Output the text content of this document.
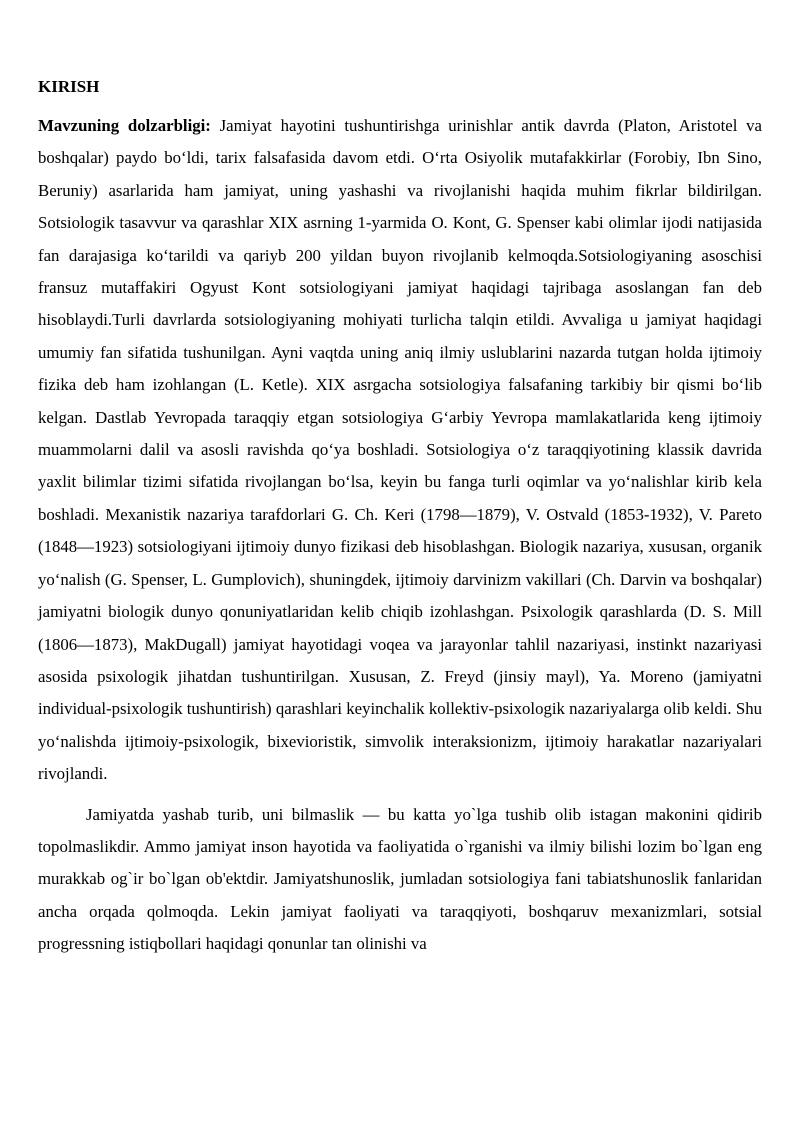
KIRISH

Mavzuning dolzarbligi: Jamiyat hayotini tushuntirishga urinishlar antik davrda (Platon, Aristotel va boshqalar) paydo bo‘ldi, tarix falsafasida davom etdi. O‘rta Osiyolik mutafakkirlar (Forobiy, Ibn Sino, Beruniy) asarlarida ham jamiyat, uning yashashi va rivojlanishi haqida muhim fikrlar bildirilgan. Sotsiologik tasavvur va qarashlar XIX asrning 1-yarmida O. Kont, G. Spenser kabi olimlar ijodi natijasida fan darajasiga ko‘tarildi va qariyb 200 yildan buyon rivojlanib kelmoqda.Sotsiologiyaning asoschisi fransuz mutaffakiri Ogyust Kont sotsiologiyani jamiyat haqidagi tajribaga asoslangan fan deb hisoblaydi.Turli davrlarda sotsiologiyaning mohiyati turlicha talqin etildi. Avvaliga u jamiyat haqidagi umumiy fan sifatida tushunilgan. Ayni vaqtda uning aniq ilmiy uslublarini nazarda tutgan holda ijtimoiy fizika deb ham izohlangan (L. Ketle). XIX asrgacha sotsiologiya falsafaning tarkibiy bir qismi bo‘lib kelgan. Dastlab Yevropada taraqqiy etgan sotsiologiya G‘arbiy Yevropa mamlakatlarida keng ijtimoiy muammolarni dalil va asosli ravishda qo‘ya boshladi. Sotsiologiya o‘z taraqqiyotining klassik davrida yaxlit bilimlar tizimi sifatida rivojlangan bo‘lsa, keyin bu fanga turli oqimlar va yo‘nalishlar kirib kela boshladi. Mexanistik nazariya tarafdorlari G. Ch. Keri (1798—1879), V. Ostvald (1853-1932), V. Pareto (1848—1923) sotsiologiyani ijtimoiy dunyo fizikasi deb hisoblashgan. Biologik nazariya, xususan, organik yo‘nalish (G. Spenser, L. Gumplovich), shuningdek, ijtimoiy darvinizm vakillari (Ch. Darvin va boshqalar) jamiyatni biologik dunyo qonuniyatlaridan kelib chiqib izohlashgan. Psixologik qarashlarda (D. S. Mill (1806—1873), MakDugall) jamiyat hayotidagi voqea va jarayonlar tahlil nazariyasi, instinkt nazariyasi asosida psixologik jihatdan tushuntirilgan. Xususan, Z. Freyd (jinsiy mayl), Ya. Moreno (jamiyatni individual-psixologik tushuntirish) qarashlari keyinchalik kollektiv-psixologik nazariyalarga olib keldi. Shu yo‘nalishda ijtimoiy-psixologik, bixevioristik, simvolik interaksionizm, ijtimoiy harakatlar nazariyalari rivojlandi.

Jamiyatda yashab turib, uni bilmaslik — bu katta yo`lga tushib olib istagan makonini qidirib topolmaslikdir. Ammo jamiyat inson hayotida va faoliyatida o`rganishi va ilmiy bilishi lozim bo`lgan eng murakkab og`ir bo`lgan ob'ektdir. Jamiyatshunoslik, jumladan sotsiologiya fani tabiatshunoslik fanlaridan ancha orqada qolmoqda. Lekin jamiyat faoliyati va taraqqiyoti, boshqaruv mexanizmlari, sotsial progressning istiqbollari haqidagi qonunlar tan olinishi va
